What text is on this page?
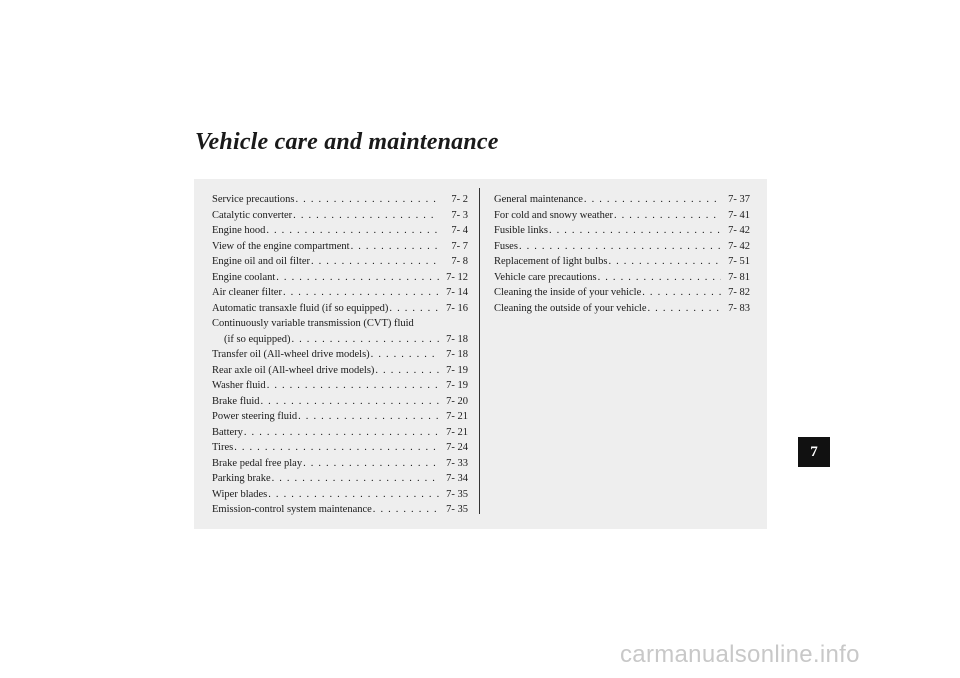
Vehicle care and maintenance
Service precautions . . .	7- 2
Catalytic converter . . .	7- 3
Engine hood . . .	7- 4
View of the engine compartment . . .	7- 7
Engine oil and oil filter . . .	7- 8
Engine coolant . . .	7- 12
Air cleaner filter . . .	7- 14
Automatic transaxle fluid (if so equipped) . . .	7- 16
Continuously variable transmission (CVT) fluid
(if so equipped) . . .	7- 18
Transfer oil (All-wheel drive models) . . .	7- 18
Rear axle oil (All-wheel drive models) . . .	7- 19
Washer fluid . . .	7- 19
Brake fluid . . .	7- 20
Power steering fluid . . .	7- 21
Battery . . .	7- 21
Tires . . .	7- 24
Brake pedal free play . . .	7- 33
Parking brake . . .	7- 34
Wiper blades . . .	7- 35
Emission-control system maintenance . . .	7- 35
General maintenance . . .	7- 37
For cold and snowy weather . . .	7- 41
Fusible links . . .	7- 42
Fuses . . .	7- 42
Replacement of light bulbs . . .	7- 51
Vehicle care precautions . . .	7- 81
Cleaning the inside of your vehicle . . .	7- 82
Cleaning the outside of your vehicle . . .	7- 83
7
carmanualsonline.info
